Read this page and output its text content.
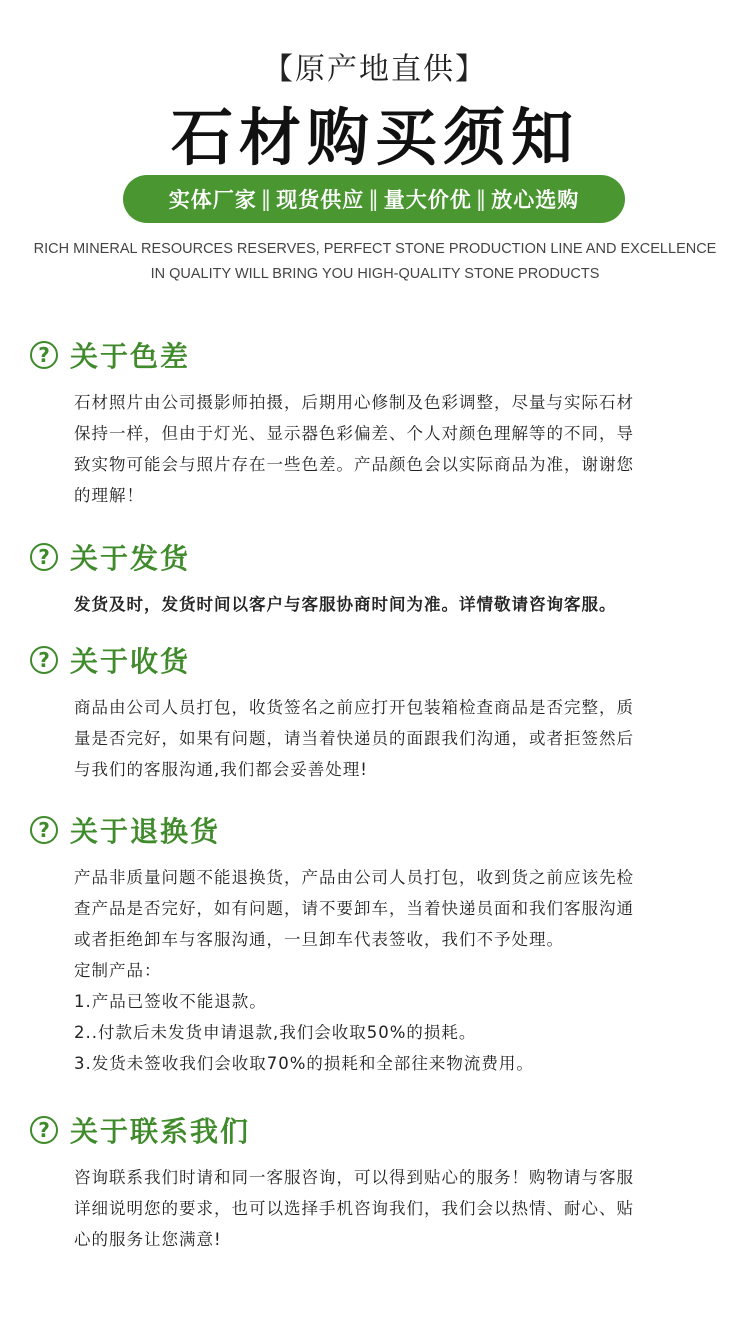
【原产地直供】
石材购买须知
实体厂家 ‖ 现货供应 ‖ 量大价优 ‖ 放心选购
RICH MINERAL RESOURCES RESERVES, PERFECT STONE PRODUCTION LINE AND EXCELLENCE
IN QUALITY WILL BRING YOU HIGH-QUALITY STONE PRODUCTS
? 关于色差

石材照片由公司摄影师拍摄，后期用心修制及色彩调整，尽量与实际石材

保持一样，但由于灯光、显示器色彩偏差、个人对颜色理解等的不同，导

致实物可能会与照片存在一些色差。产品颜色会以实际商品为准，谢谢您

的理解！

? 关于发货

发货及时，发货时间以客户与客服协商时间为准。详情敬请咨询客服。

? 关于收货

商品由公司人员打包，收货签名之前应打开包装箱检查商品是否完整，质

量是否完好，如果有问题，请当着快递员的面跟我们沟通，或者拒签然后

与我们的客服沟通,我们都会妥善处理!

? 关于退换货

产品非质量问题不能退换货，产品由公司人员打包，收到货之前应该先检

查产品是否完好，如有问题，请不要卸车，当着快递员面和我们客服沟通

或者拒绝卸车与客服沟通，一旦卸车代表签收，我们不予处理。

定制产品：

1.产品已签收不能退款。

2..付款后未发货申请退款,我们会收取50%的损耗。

3.发货未签收我们会收取70%的损耗和全部往来物流费用。

? 关于联系我们

咨询联系我们时请和同一客服咨询，可以得到贴心的服务！购物请与客服

详细说明您的要求，也可以选择手机咨询我们，我们会以热情、耐心、贴

心的服务让您满意!
